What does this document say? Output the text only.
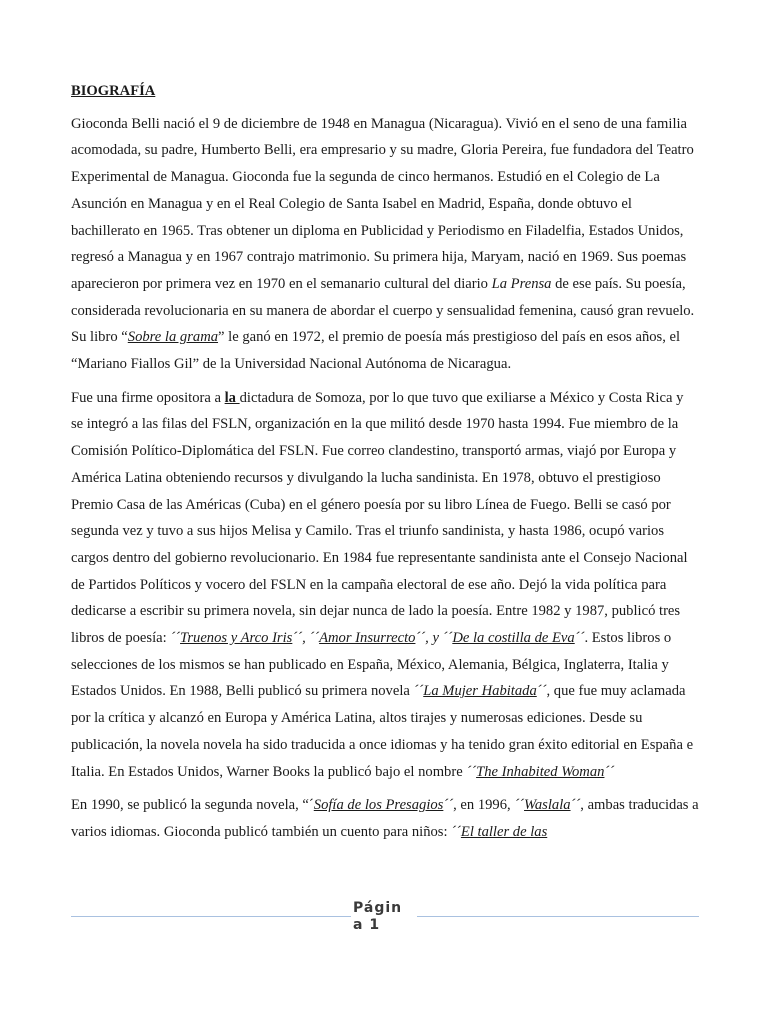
BIOGRAFÍA

Gioconda Belli nació el 9 de diciembre de 1948 en Managua (Nicaragua). Vivió en el seno de una familia acomodada, su padre, Humberto Belli, era empresario y su madre, Gloria Pereira, fue fundadora del Teatro Experimental de Managua. Gioconda fue la segunda de cinco hermanos. Estudió en el Colegio de La Asunción en Managua y en el Real Colegio de Santa Isabel en Madrid, España, donde obtuvo el bachillerato en 1965. Tras obtener un diploma en Publicidad y Periodismo en Filadelfia, Estados Unidos, regresó a Managua y en 1967 contrajo matrimonio. Su primera hija, Maryam, nació en 1969. Sus poemas aparecieron por primera vez en 1970 en el semanario cultural del diario La Prensa de ese país. Su poesía, considerada revolucionaria en su manera de abordar el cuerpo y sensualidad femenina, causó gran revuelo. Su libro “Sobre la grama” le ganó en 1972, el premio de poesía más prestigioso del país en esos años, el “Mariano Fiallos Gil” de la Universidad Nacional Autónoma de Nicaragua.

Fue una firme opositora a la dictadura de Somoza, por lo que tuvo que exiliarse a México y Costa Rica y se integró a las filas del FSLN, organización en la que militó desde 1970 hasta 1994. Fue miembro de la Comisión Político-Diplomática del FSLN. Fue correo clandestino, transportó armas, viajó por Europa y América Latina obteniendo recursos y divulgando la lucha sandinista. En 1978, obtuvo el prestigioso Premio Casa de las Américas (Cuba) en el género poesía por su libro Línea de Fuego. Belli se casó por segunda vez y tuvo a sus hijos Melisa y Camilo. Tras el triunfo sandinista, y hasta 1986, ocupó varios cargos dentro del gobierno revolucionario. En 1984 fue representante sandinista ante el Consejo Nacional de Partidos Políticos y vocero del FSLN en la campaña electoral de ese año. Dejó la vida política para dedicarse a escribir su primera novela, sin dejar nunca de lado la poesía. Entre 1982 y 1987, publicó tres libros de poesía: ´´Truenos y Arco Iris´´, ´´Amor Insurrecto´´, y ´´De la costilla de Eva´´. Estos libros o selecciones de los mismos se han publicado en España, México, Alemania, Bélgica, Inglaterra, Italia y Estados Unidos. En 1988, Belli publicó su primera novela ´´La Mujer Habitada´´, que fue muy aclamada por la crítica y alcanzó en Europa y América Latina, altos tirajes y numerosas ediciones. Desde su publicación, la novela novela ha sido traducida a once idiomas y ha tenido gran éxito editorial en España e Italia. En Estados Unidos, Warner Books la publicó bajo el nombre ´´The Inhabited Woman´´

En 1990, se publicó la segunda novela, “´Sofía de los Presagios´´, en 1996, ´´Waslala´´, ambas traducidas a varios idiomas. Gioconda publicó también un cuento para niños: ´´El taller de las

Págin
a 1
